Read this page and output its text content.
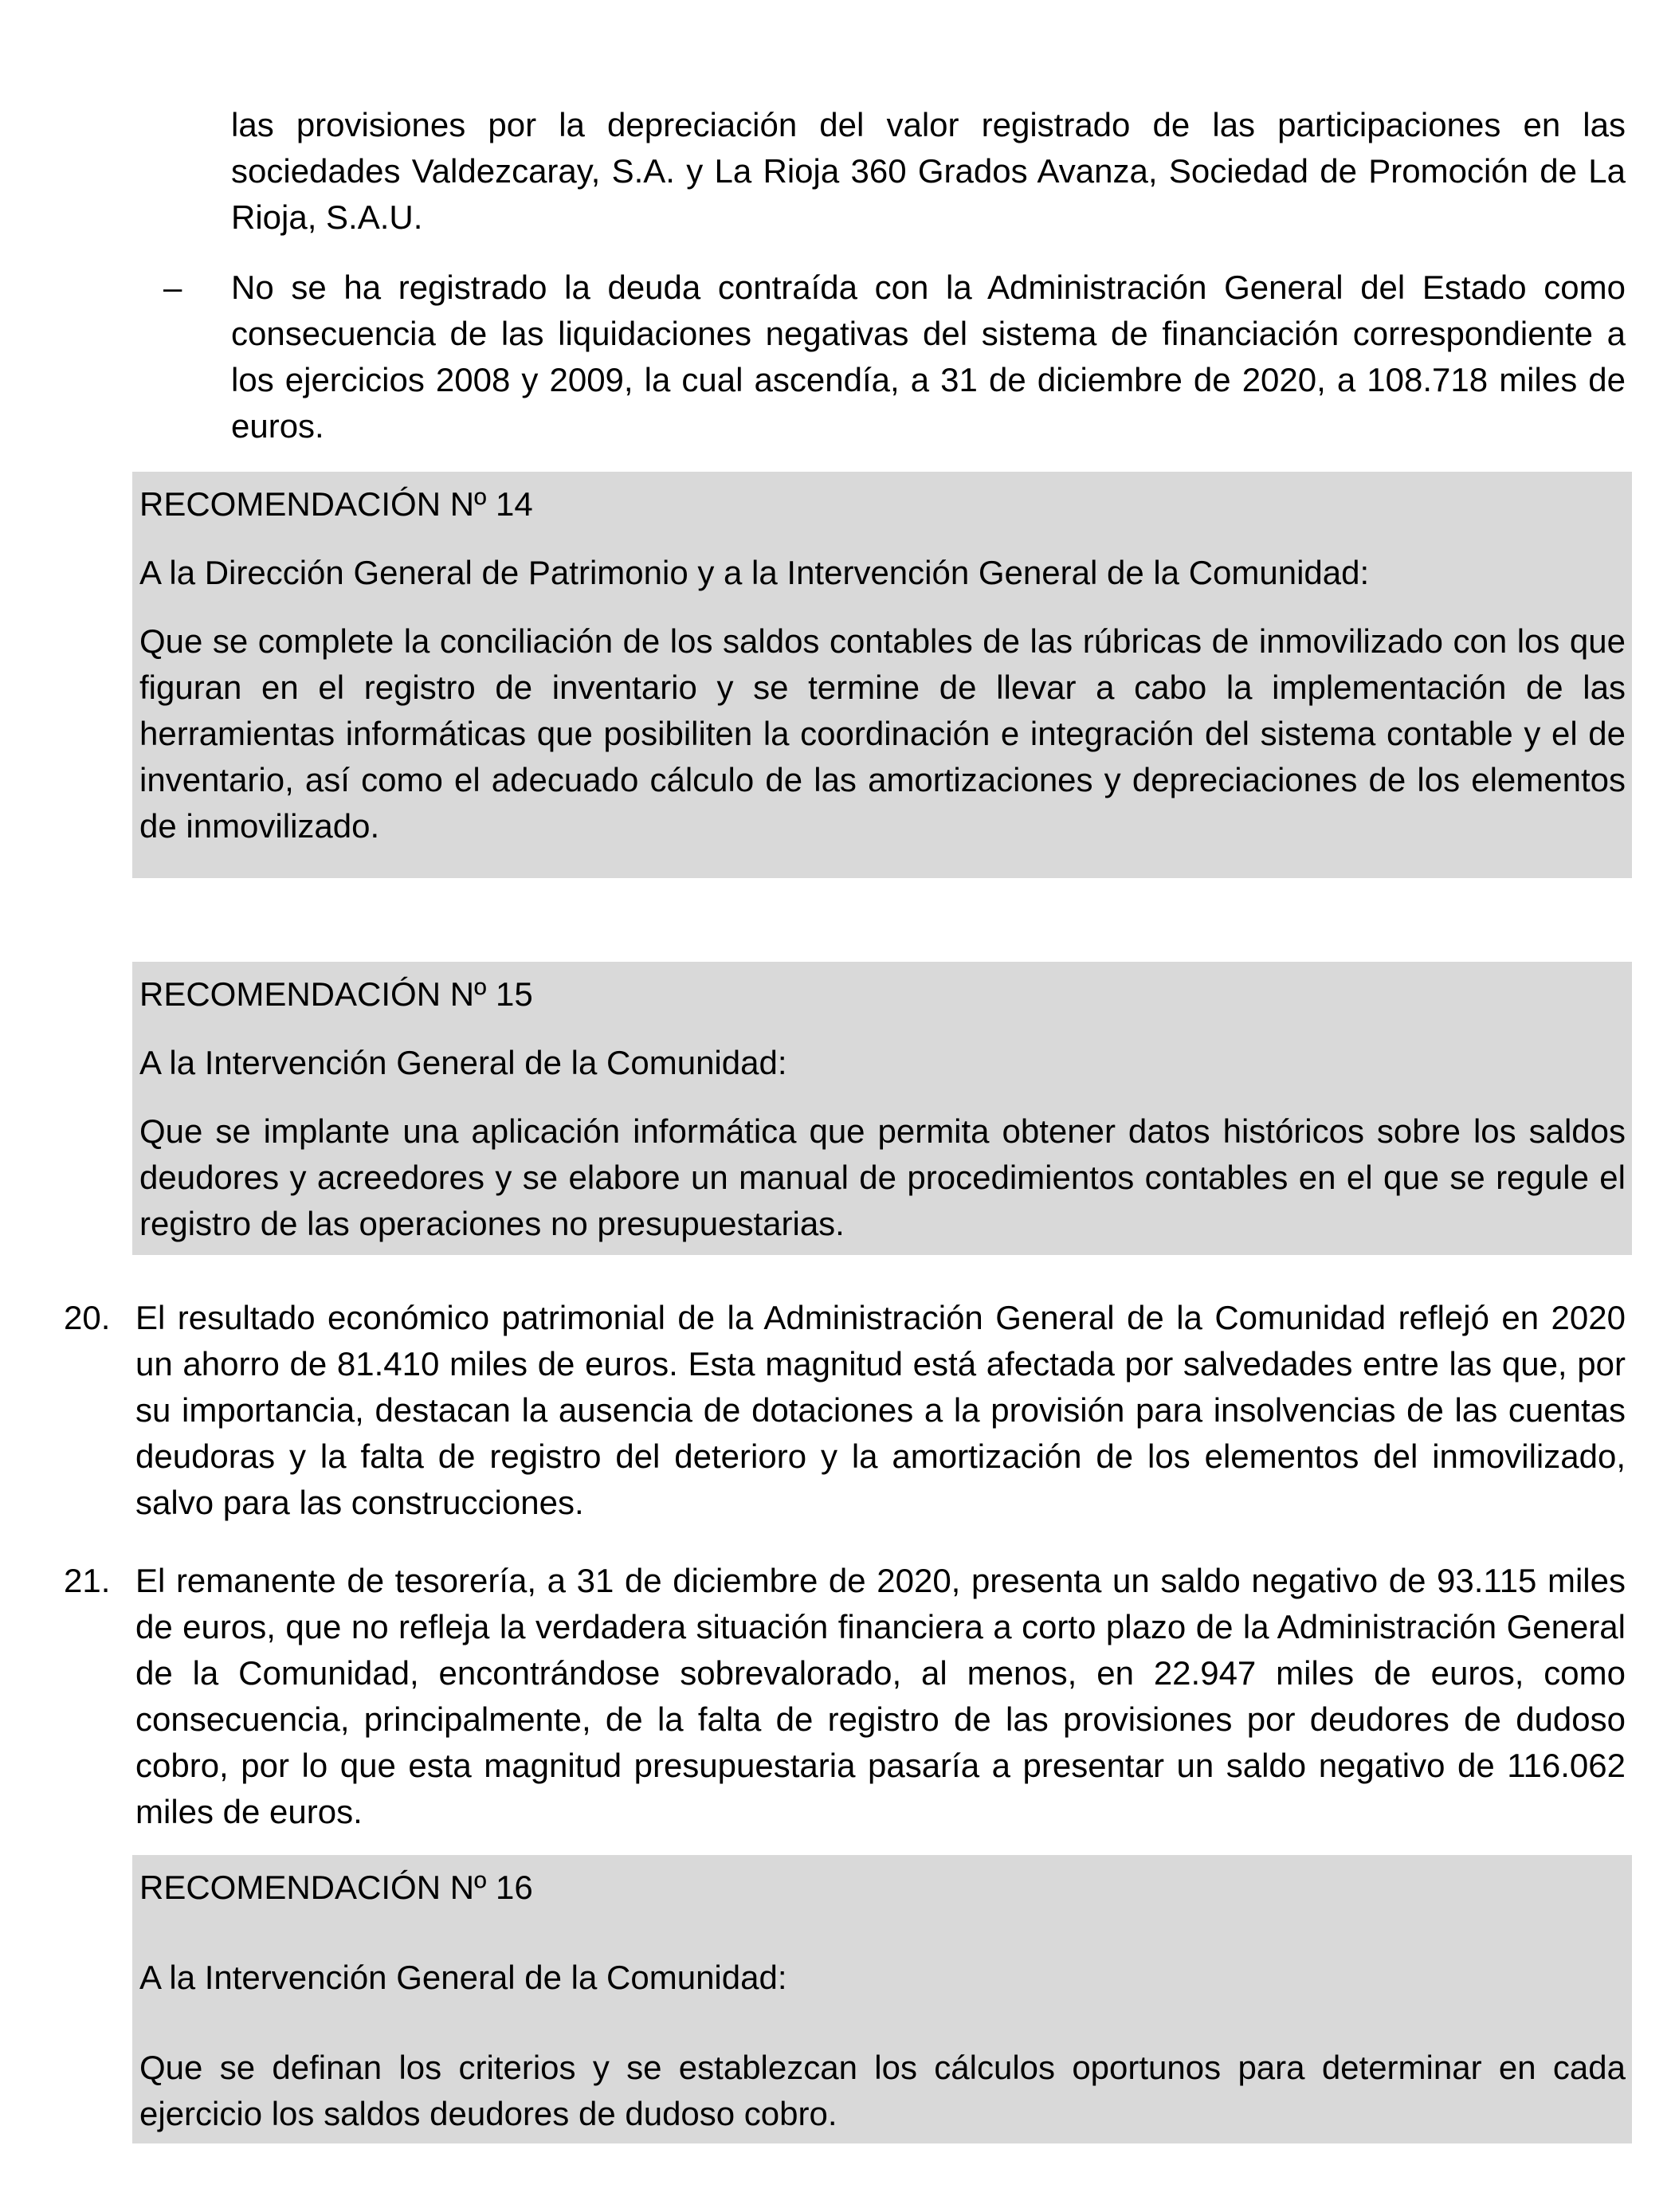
las provisiones por la depreciación del valor registrado de las participaciones en las sociedades Valdezcaray, S.A. y La Rioja 360 Grados Avanza, Sociedad de Promoción de La Rioja, S.A.U.

– No se ha registrado la deuda contraída con la Administración General del Estado como consecuencia de las liquidaciones negativas del sistema de financiación correspondiente a los ejercicios 2008 y 2009, la cual ascendía, a 31 de diciembre de 2020, a 108.718 miles de euros.
RECOMENDACIÓN Nº 14
A la Dirección General de Patrimonio y a la Intervención General de la Comunidad:
Que se complete la conciliación de los saldos contables de las rúbricas de inmovilizado con los que figuran en el registro de inventario y se termine de llevar a cabo la implementación de las herramientas informáticas que posibiliten la coordinación e integración del sistema contable y el de inventario, así como el adecuado cálculo de las amortizaciones y depreciaciones de los elementos de inmovilizado.
RECOMENDACIÓN Nº 15
A la Intervención General de la Comunidad:
Que se implante una aplicación informática que permita obtener datos históricos sobre los saldos deudores y acreedores y se elabore un manual de procedimientos contables en el que se regule el registro de las operaciones no presupuestarias.
20. El resultado económico patrimonial de la Administración General de la Comunidad reflejó en 2020 un ahorro de 81.410 miles de euros. Esta magnitud está afectada por salvedades entre las que, por su importancia, destacan la ausencia de dotaciones a la provisión para insolvencias de las cuentas deudoras y la falta de registro del deterioro y la amortización de los elementos del inmovilizado, salvo para las construcciones.
21. El remanente de tesorería, a 31 de diciembre de 2020, presenta un saldo negativo de 93.115 miles de euros, que no refleja la verdadera situación financiera a corto plazo de la Administración General de la Comunidad, encontrándose sobrevalorado, al menos, en 22.947 miles de euros, como consecuencia, principalmente, de la falta de registro de las provisiones por deudores de dudoso cobro, por lo que esta magnitud presupuestaria pasaría a presentar un saldo negativo de 116.062 miles de euros.
RECOMENDACIÓN Nº 16
A la Intervención General de la Comunidad:
Que se definan los criterios y se establezcan los cálculos oportunos para determinar en cada ejercicio los saldos deudores de dudoso cobro.
